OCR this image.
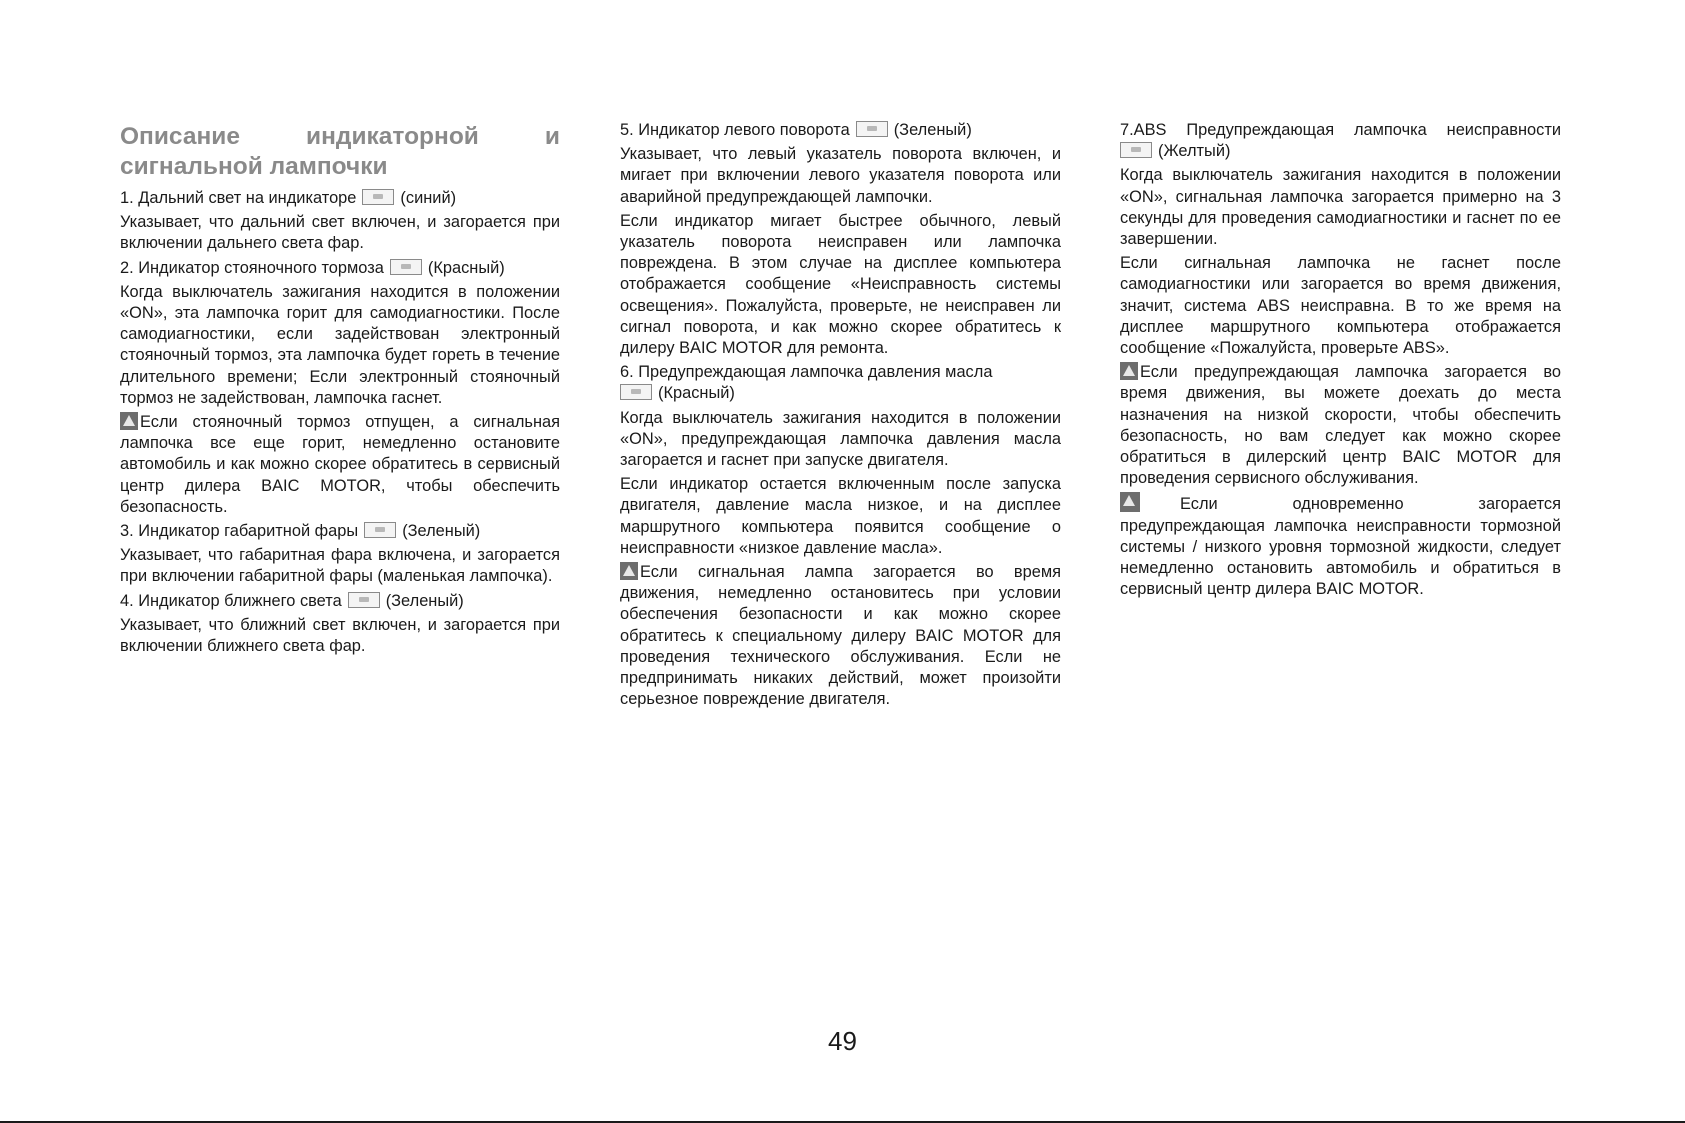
Описание индикаторной и
сигнальной лампочки

1. Дальний свет на индикаторе	(синий)

Указывает, что дальний свет включен, и загорается при включении дальнего света фар.

2. Индикатор стояночного тормоза	(Красный)

Когда выключатель зажигания находится в положении «ON», эта лампочка горит для самодиагностики. После самодиагностики, если задействован электронный стояночный тормоз, эта лампочка будет гореть в течение длительного времени; Если электронный стояночный тормоз не задействован, лампочка гаснет.

Если стояночный тормоз отпущен, а сигнальная лампочка все еще горит, немедленно остановите автомобиль и как можно скорее обратитесь в сервисный центр дилера BAIC MOTOR, чтобы обеспечить безопасность.

3. Индикатор габаритной фары	(Зеленый)

Указывает, что габаритная фара включена, и загорается при включении габаритной фары (маленькая лампочка).

4. Индикатор ближнего света	(Зеленый)

Указывает, что ближний свет включен, и загорается при включении ближнего света фар.

5. Индикатор левого поворота	(Зеленый)

Указывает, что левый указатель поворота включен, и мигает при включении левого указателя поворота или аварийной предупреждающей лампочки.

Если индикатор мигает быстрее обычного, левый указатель поворота неисправен или лампочка повреждена. В этом случае на дисплее компьютера отображается сообщение «Неисправность системы освещения». Пожалуйста, проверьте, не неисправен ли сигнал поворота, и как можно скорее обратитесь к дилеру BAIC MOTOR для ремонта.

6. Предупреждающая лампочка давления масла
(Красный)

Когда выключатель зажигания находится в положении «ON», предупреждающая лампочка давления масла загорается и гаснет при запуске двигателя.

Если индикатор остается включенным после запуска двигателя, давление масла низкое, и на дисплее маршрутного компьютера появится сообщение о неисправности «низкое давление масла».

Если сигнальная лампа загорается во время движения, немедленно остановитесь при условии обеспечения безопасности и как можно скорее обратитесь к специальному дилеру BAIC MOTOR для проведения технического обслуживания. Если не предпринимать никаких действий, может произойти серьезное повреждение двигателя.

7.ABS Предупреждающая лампочка неисправности

(Желтый)

Когда выключатель зажигания находится в положении «ON», сигнальная лампочка загорается примерно на 3 секунды для проведения самодиагностики и гаснет по ее завершении.

Если сигнальная лампочка не гаснет после самодиагностики или загорается во время движения, значит, система ABS неисправна. В то же время на дисплее маршрутного компьютера отображается сообщение «Пожалуйста, проверьте ABS».

Если предупреждающая лампочка загорается во время движения, вы можете доехать до места назначения на низкой скорости, чтобы обеспечить безопасность, но вам следует как можно скорее обратиться в дилерский центр BAIC MOTOR для проведения сервисного обслуживания.

Если одновременно загорается предупреждающая лампочка неисправности тормозной системы / низкого уровня тормозной жидкости, следует немедленно остановить автомобиль и обратиться в сервисный центр дилера BAIC MOTOR.

49
